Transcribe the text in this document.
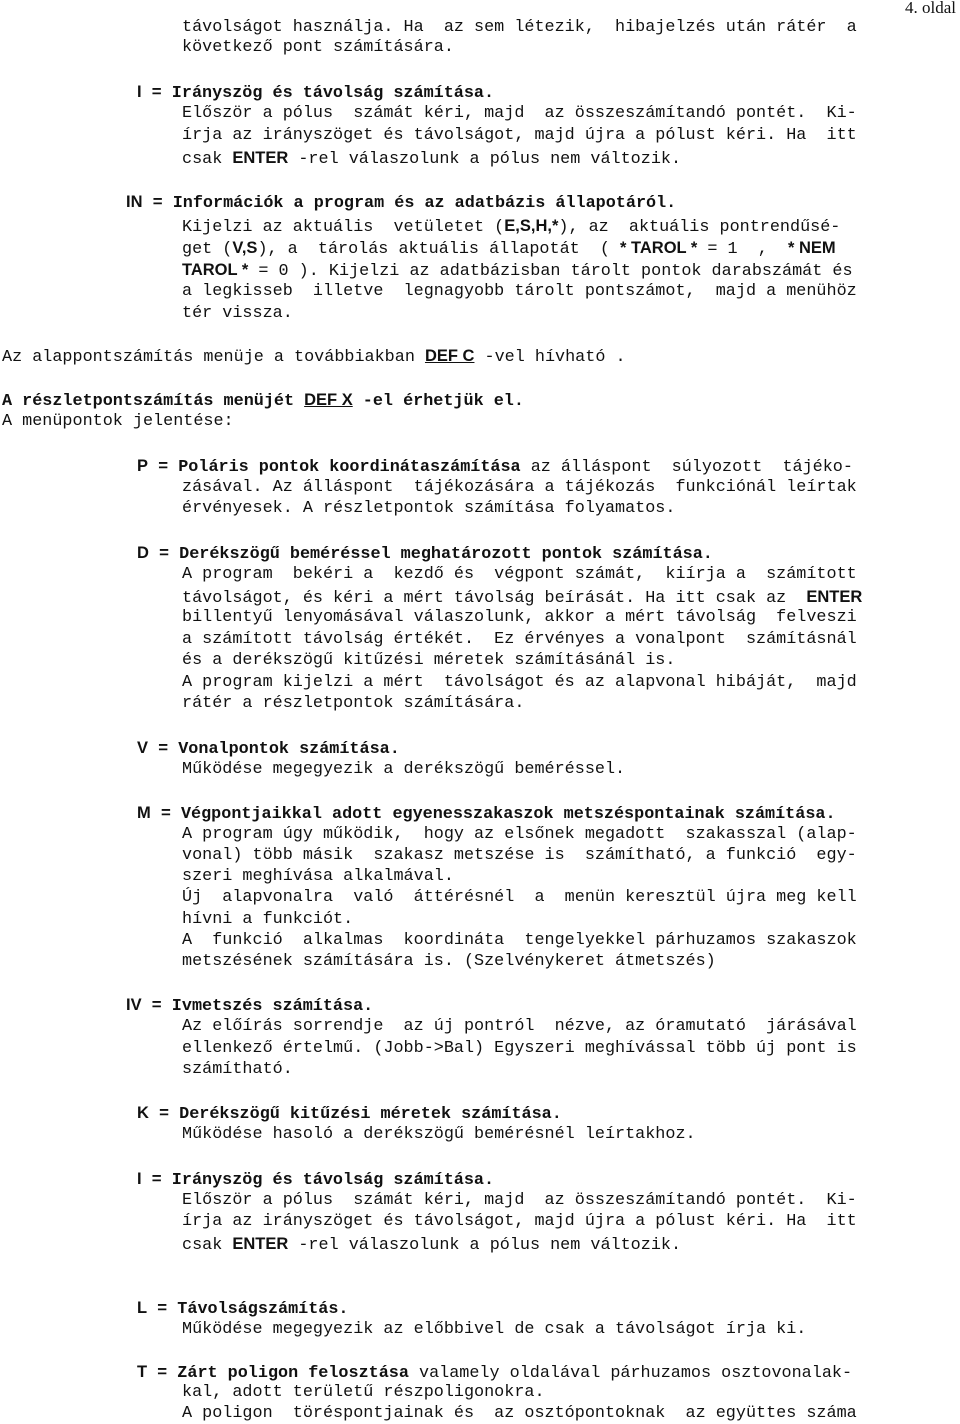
4. oldal
távolságot használja. Ha  az sem létezik,  hibajelzés után rátér  a
következő pont számítására.
I = Irányszög és távolság számítása.
Először a pólus  számát kéri, majd  az összeszámítandó pontét.  Ki-
írja az irányszöget és távolságot, majd újra a pólust kéri. Ha  itt
csak ENTER -rel válaszolunk a pólus nem változik.
IN = Információk a program és az adatbázis állapotáról.
Kijelzi az aktuális  vetületet (E,S,H,*), az  aktuális pontrendűsé-
get (V,S), a  tárolás aktuális állapotát  ( * TAROL * = 1  ,  * NEM
TAROL * = 0 ). Kijelzi az adatbázisban tárolt pontok darabszámát és
a legkisseb  illetve  legnagyobb tárolt pontszámot,  majd a menühöz
tér vissza.
Az alappontszámítás menüje a továbbiakban DEF C -vel hívható .
A részletpontszámítás menüjét DEF X -el érhetjük el.
A menüpontok jelentése:
P = Poláris pontok koordinátaszámítása az álláspont  súlyozott  tájéko-
zásával. Az álláspont  tájékozására a tájékozás  funkciónál leírtak
érvényesek. A részletpontok számítása folyamatos.
D = Derékszögű beméréssel meghatározott pontok számítása.
A program  bekéri a  kezdő és  végpont számát,  kiírja a  számított
távolságot, és kéri a mért távolság beírását. Ha itt csak az  ENTER
billentyű lenyomásával válaszolunk, akkor a mért távolság  felveszi
a számított távolság értékét.  Ez érvényes a vonalpont  számításnál
és a derékszögű kitűzési méretek számításánál is.
A program kijelzi a mért  távolságot és az alapvonal hibáját,  majd
rátér a részletpontok számítására.
V = Vonalpontok számítása.
Működése megegyezik a derékszögű beméréssel.
M = Végpontjaikkal adott egyenesszakaszok metszéspontainak számítása.
A program úgy működik,  hogy az elsőnek megadott  szakasszal (alap-
vonal) több másik  szakasz metszése is  számítható, a funkció  egy-
szeri meghívása alkalmával.
Új  alapvonalra  való  áttérésnél  a  menün keresztül újra meg kell
hívni a funkciót.
A  funkció  alkalmas  koordináta  tengelyekkel párhuzamos szakaszok
metszésének számítására is. (Szelvénykeret átmetszés)
IV = Ivmetszés számítása.
Az előírás sorrendje  az új pontról  nézve, az óramutató  járásával
ellenkező értelmű. (Jobb->Bal) Egyszeri meghívással több új pont is
számítható.
K = Derékszögű kitűzési méretek számítása.
Működése hasoló a derékszögű bemérésnél leírtakhoz.
I = Irányszög és távolság számítása.
Először a pólus  számát kéri, majd  az összeszámítandó pontét.  Ki-
írja az irányszöget és távolságot, majd újra a pólust kéri. Ha  itt
csak ENTER -rel válaszolunk a pólus nem változik.
L = Távolságszámítás.
Működése megegyezik az előbbivel de csak a távolságot írja ki.
T = Zárt poligon felosztása valamely oldalával párhuzamos osztovonalak-
kal, adott területű részpoligonokra.
A poligon  töréspontjainak és  az osztópontoknak  az együttes száma
